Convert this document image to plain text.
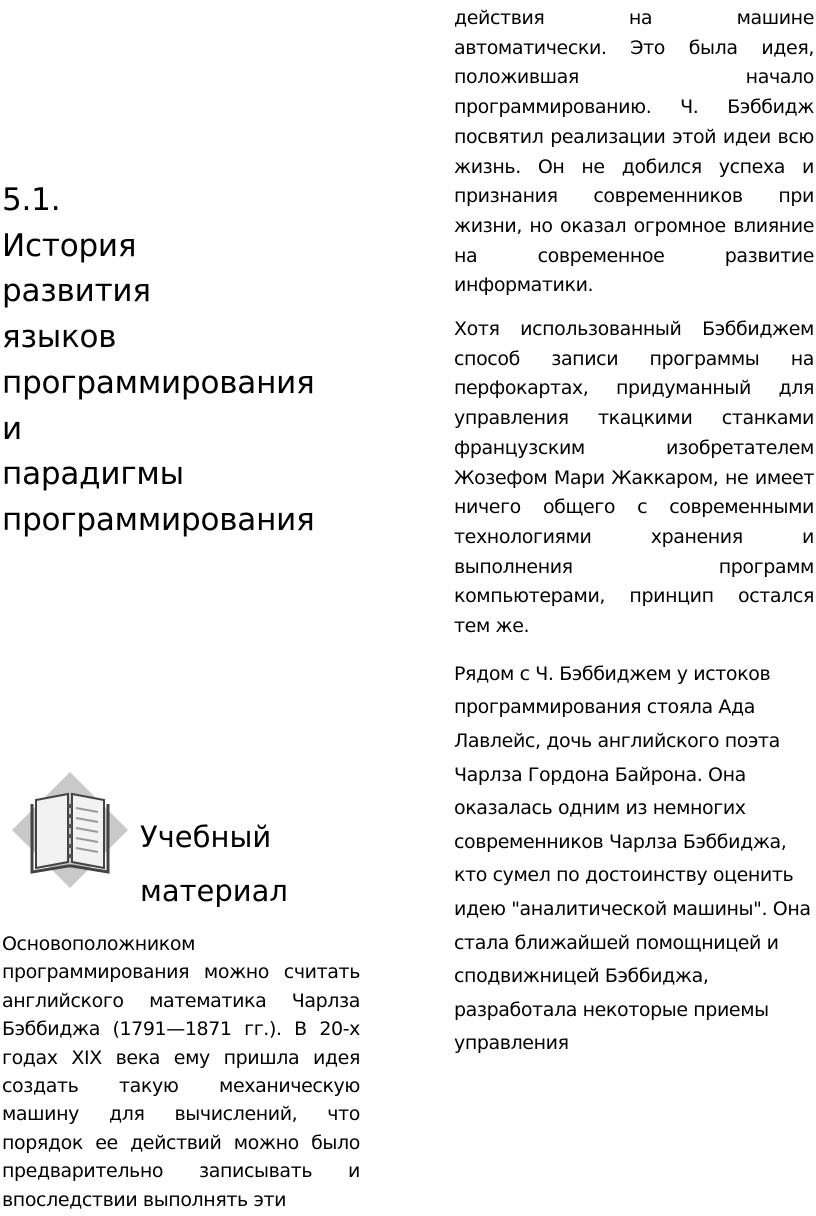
5.1. История развития языков программирования и парадигмы программирования
Учебный материал

Основоположником программирования можно считать английского математика Чарлза Бэббиджа (1791—1871 гг.). В 20-х годах XIX века ему пришла идея создать такую механическую машину для вычислений, что порядок ее действий можно было предварительно записывать и впоследствии выполнять эти

действия на машине автоматически. Это была идея, положившая начало программированию. Ч. Бэббидж посвятил реализации этой идеи всю жизнь. Он не добился успеха и признания современников при жизни, но оказал огромное влияние на современное развитие информатики.

Хотя использованный Бэббиджем способ записи программы на перфокартах, придуманный для управления ткацкими станками французским изобретателем Жозефом Мари Жаккаром, не имеет ничего общего с современными технологиями хранения и выполнения программ компьютерами, принцип остался тем же.

Рядом с Ч. Бэббиджем у истоков программирования стояла Ада Лавлейс, дочь английского поэта Чарлза Гордона Байрона. Она оказалась одним из немногих современников Чарлза Бэббиджа, кто сумел по достоинству оценить идею "аналитической машины". Она стала ближайшей помощницей и сподвижницей Бэббиджа, разработала некоторые приемы управления
